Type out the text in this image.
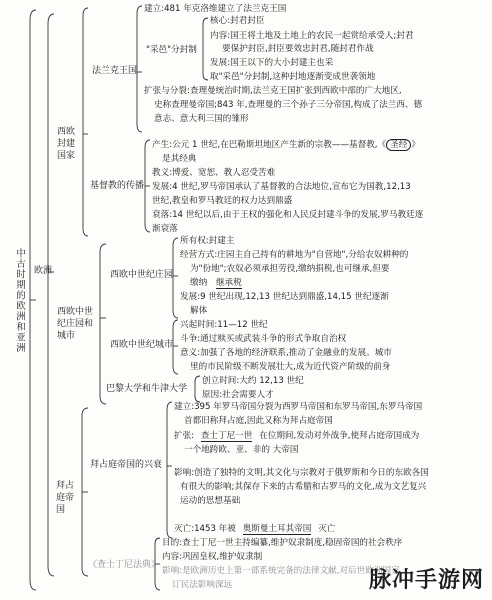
中古时期的欧洲和亚洲 欧洲
西欧封建国家
法兰克王国
建立:481 年克洛维建立了法兰克王国
"采邑"分封制
核心:封君封臣
内容:国王将土地及土地上的农民一起赏给承受人;封君
要保护封臣,封臣要效忠封君,随封君作战
发展:国王以下的大小封建主也采
取"采邑"分封制,这种封地逐渐变成世袭领地
扩张与分裂:查理曼统治时期,法兰克王国扩张到西欧中部的广大地区,
史称查理曼帝国;843 年,查理曼的三个孙子三分帝国,构成了法兰西、德
意志、意大利三国的雏形
基督教的传播
产生:公元 1 世纪,在巴勒斯坦地区产生新的宗教——基督教,《 圣经 》
是其经典
教义:博爱、宽恕、教人忍受苦难
发展:4 世纪,罗马帝国承认了基督教的合法地位,宣布它为国教,12,13
世纪,教皇和罗马教廷的权力达到鼎盛
衰落:14 世纪以后,由于王权的强化和人民反封建斗争的发展,罗马教廷逐
渐衰落
西欧中世纪庄园和城市
西欧中世纪庄园
所有权:封建主
经营方式:庄园主自己持有的耕地为"自营地",分给农奴耕种的
为"份地";农奴必须承担劳役,缴纳捐税,也可继承,但要
缴纳 继承税
发展:9 世纪出现,12,13 世纪达到鼎盛,14,15 世纪逐渐
解体
西欧中世纪城市
兴起时间:11—12 世纪
斗争:通过赎买或武装斗争的形式争取自治权
意义:加强了各地的经济联系,推动了金融业的发展。城市
里的市民阶级不断发展壮大,成为近代资产阶级的前身
巴黎大学和牛津大学
创立时间:大约 12,13 世纪
原因:社会需要人才
拜占庭帝国
拜占庭帝国的兴衰
建立:395 年罗马帝国分裂为西罗马帝国和东罗马帝国,东罗马帝国
首都旧称拜占庭,因此又称为拜占庭帝国
扩张: 查士丁尼一世 在位期间,发动对外战争,使拜占庭帝国成为
一个地跨欧、亚、非的 大帝国
影响:创造了独特的文明,其文化与宗教对于俄罗斯和今日的东欧各国
有很大的影响;其保存下来的古希腊和古罗马的文化,成为文艺复兴
运动的思想基础
灭亡:1453 年被 奥斯曼土耳其帝国 灭亡
《查士丁尼法典》
目的:查士丁尼一世主持编纂,维护奴隶制度,稳固帝国的社会秩序
内容:巩固皇权,维护奴隶制
影响:是欧洲历史上第一部系统完备的法律文献,对后世欧洲国家
订民法影响深远	脉冲手游网
